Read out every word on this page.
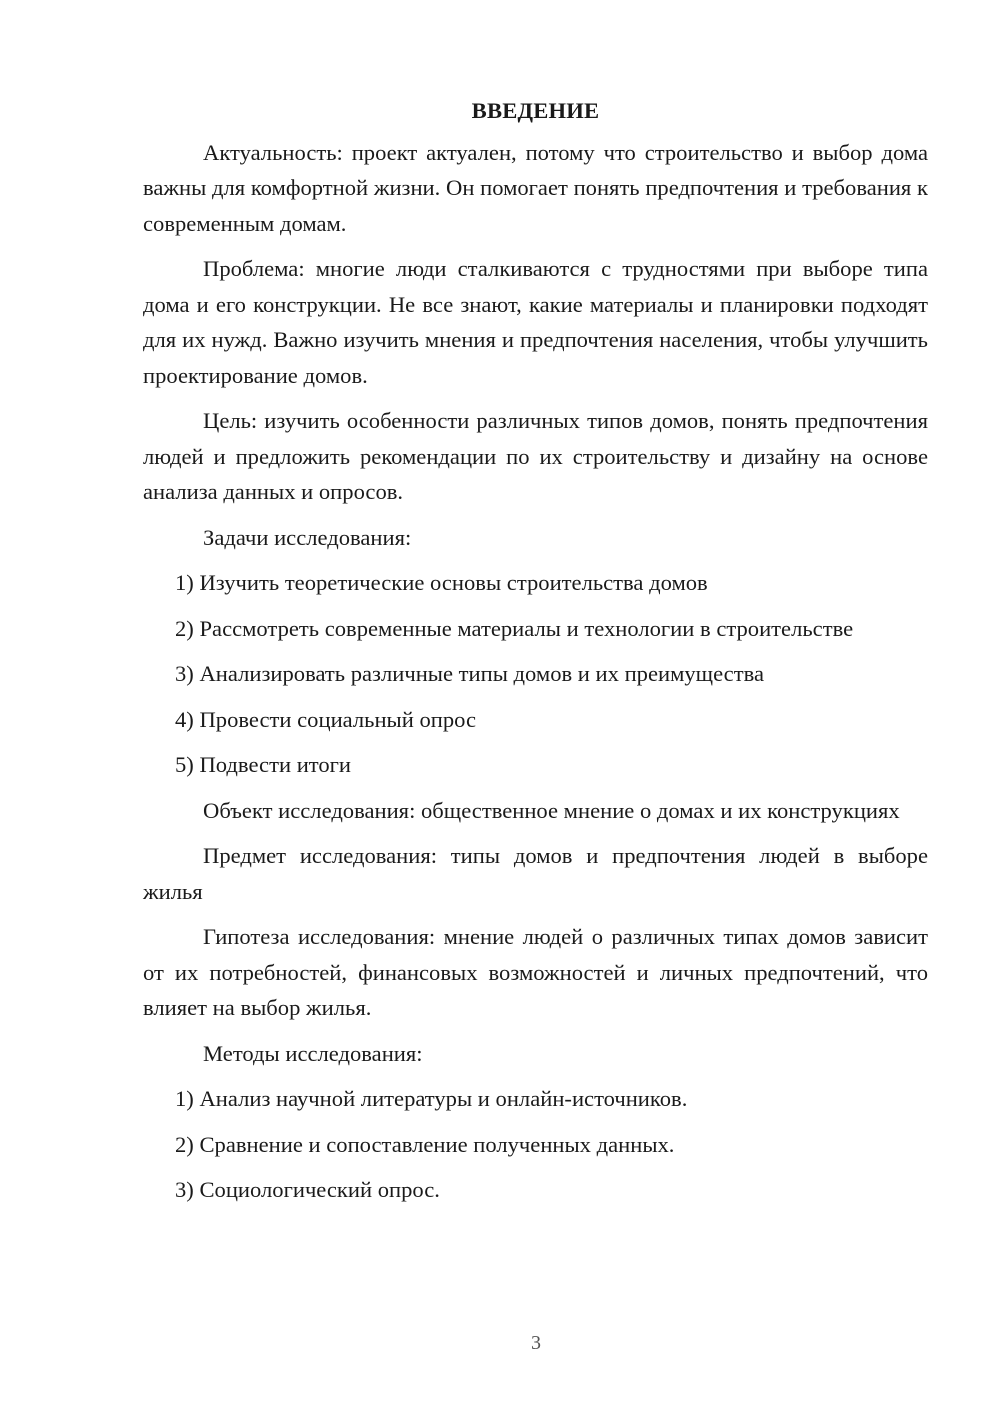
ВВЕДЕНИЕ
Актуальность: проект актуален, потому что строительство и выбор дома важны для комфортной жизни. Он помогает понять предпочтения и требования к современным домам.
Проблема: многие люди сталкиваются с трудностями при выборе типа дома и его конструкции. Не все знают, какие материалы и планировки подходят для их нужд. Важно изучить мнения и предпочтения населения, чтобы улучшить проектирование домов.
Цель: изучить особенности различных типов домов, понять предпочтения людей и предложить рекомендации по их строительству и дизайну на основе анализа данных и опросов.
Задачи исследования:
1) Изучить теоретические основы строительства домов
2) Рассмотреть современные материалы и технологии в строительстве
3) Анализировать различные типы домов и их преимущества
4) Провести социальный опрос
5) Подвести итоги
Объект исследования: общественное мнение о домах и их конструкциях
Предмет исследования: типы домов и предпочтения людей в выборе жилья
Гипотеза исследования: мнение людей о различных типах домов зависит от их потребностей, финансовых возможностей и личных предпочтений, что влияет на выбор жилья.
Методы исследования:
1) Анализ научной литературы и онлайн-источников.
2) Сравнение и сопоставление полученных данных.
3) Социологический опрос.
3
